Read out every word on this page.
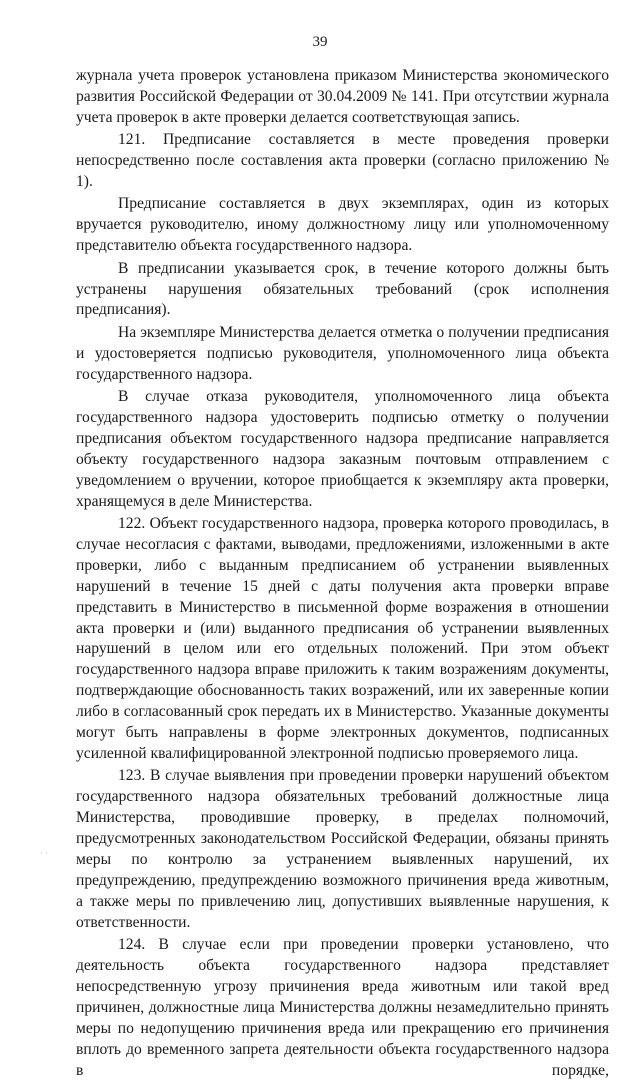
39

журнала учета проверок установлена приказом Министерства экономического развития Российской Федерации от 30.04.2009 № 141. При отсутствии журнала учета проверок в акте проверки делается соответствующая запись.

121. Предписание составляется в месте проведения проверки непосредственно после составления акта проверки (согласно приложению № 1).

Предписание составляется в двух экземплярах, один из которых вручается руководителю, иному должностному лицу или уполномоченному представителю объекта государственного надзора.

В предписании указывается срок, в течение которого должны быть устранены нарушения обязательных требований (срок исполнения предписания).

На экземпляре Министерства делается отметка о получении предписания и удостоверяется подписью руководителя, уполномоченного лица объекта государственного надзора.

В случае отказа руководителя, уполномоченного лица объекта государственного надзора удостоверить подписью отметку о получении предписания объектом государственного надзора предписание направляется объекту государственного надзора заказным почтовым отправлением с уведомлением о вручении, которое приобщается к экземпляру акта проверки, хранящемуся в деле Министерства.

122. Объект государственного надзора, проверка которого проводилась, в случае несогласия с фактами, выводами, предложениями, изложенными в акте проверки, либо с выданным предписанием об устранении выявленных нарушений в течение 15 дней с даты получения акта проверки вправе представить в Министерство в письменной форме возражения в отношении акта проверки и (или) выданного предписания об устранении выявленных нарушений в целом или его отдельных положений. При этом объект государственного надзора вправе приложить к таким возражениям документы, подтверждающие обоснованность таких возражений, или их заверенные копии либо в согласованный срок передать их в Министерство. Указанные документы могут быть направлены в форме электронных документов, подписанных усиленной квалифицированной электронной подписью проверяемого лица.

123. В случае выявления при проведении проверки нарушений объектом государственного надзора обязательных требований должностные лица Министерства, проводившие проверку, в пределах полномочий, предусмотренных законодательством Российской Федерации, обязаны принять меры по контролю за устранением выявленных нарушений, их предупреждению, предупреждению возможного причинения вреда животным, а также меры по привлечению лиц, допустивших выявленные нарушения, к ответственности.

124. В случае если при проведении проверки установлено, что деятельность объекта государственного надзора представляет непосредственную угрозу причинения вреда животным или такой вред причинен, должностные лица Министерства должны незамедлительно принять меры по недопущению причинения вреда или прекращению его причинения вплоть до временного запрета деятельности объекта государственного надзора в порядке,

· ·
